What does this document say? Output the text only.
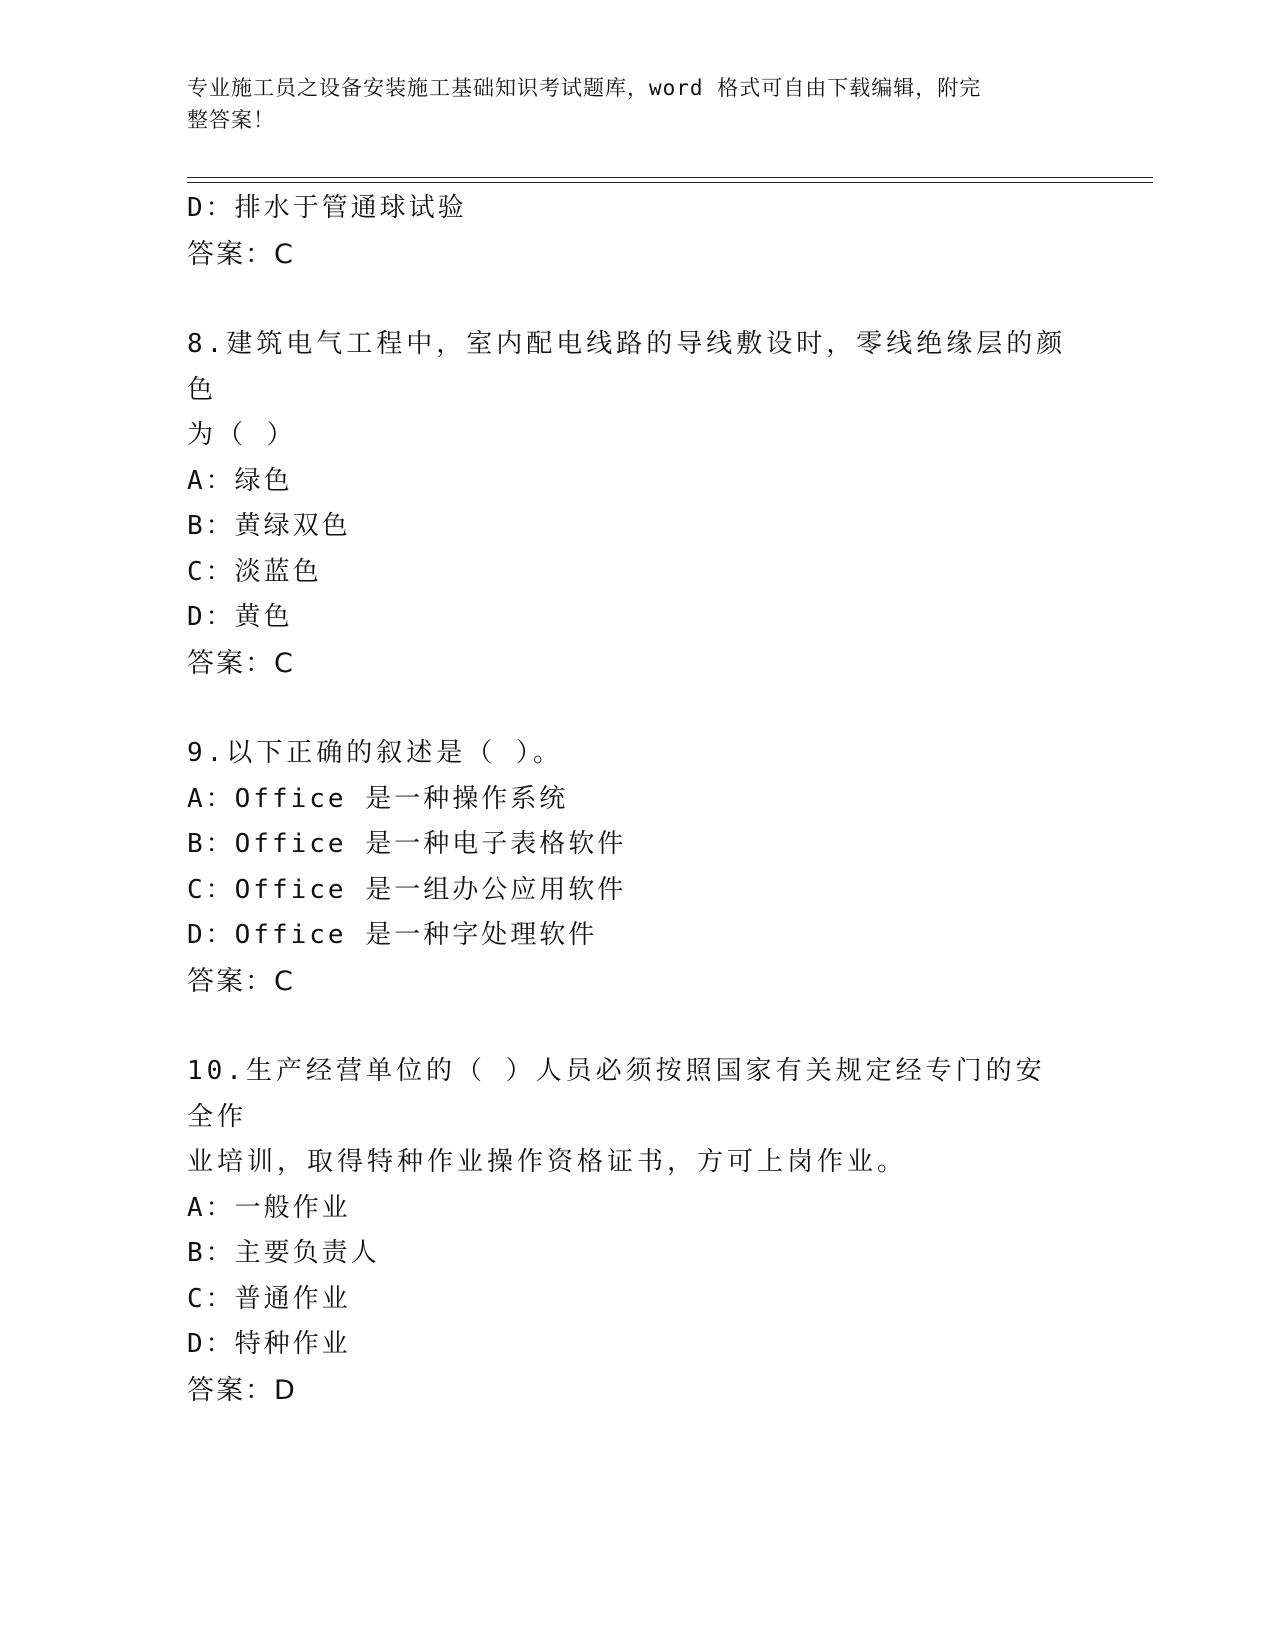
专业施工员之设备安装施工基础知识考试题库，word 格式可自由下载编辑，附完
整答案！
D：排水于管通球试验
答案：C
8.建筑电气工程中，室内配电线路的导线敷设时，零线绝缘层的颜色
为（ ）
A：绿色
B：黄绿双色
C：淡蓝色
D：黄色
答案：C
9.以下正确的叙述是（ ）。
A：Office 是一种操作系统
B：Office 是一种电子表格软件
C：Office 是一组办公应用软件
D：Office 是一种字处理软件
答案：C
10.生产经营单位的（ ）人员必须按照国家有关规定经专门的安全作
业培训，取得特种作业操作资格证书，方可上岗作业。
A：一般作业
B：主要负责人
C：普通作业
D：特种作业
答案：D
